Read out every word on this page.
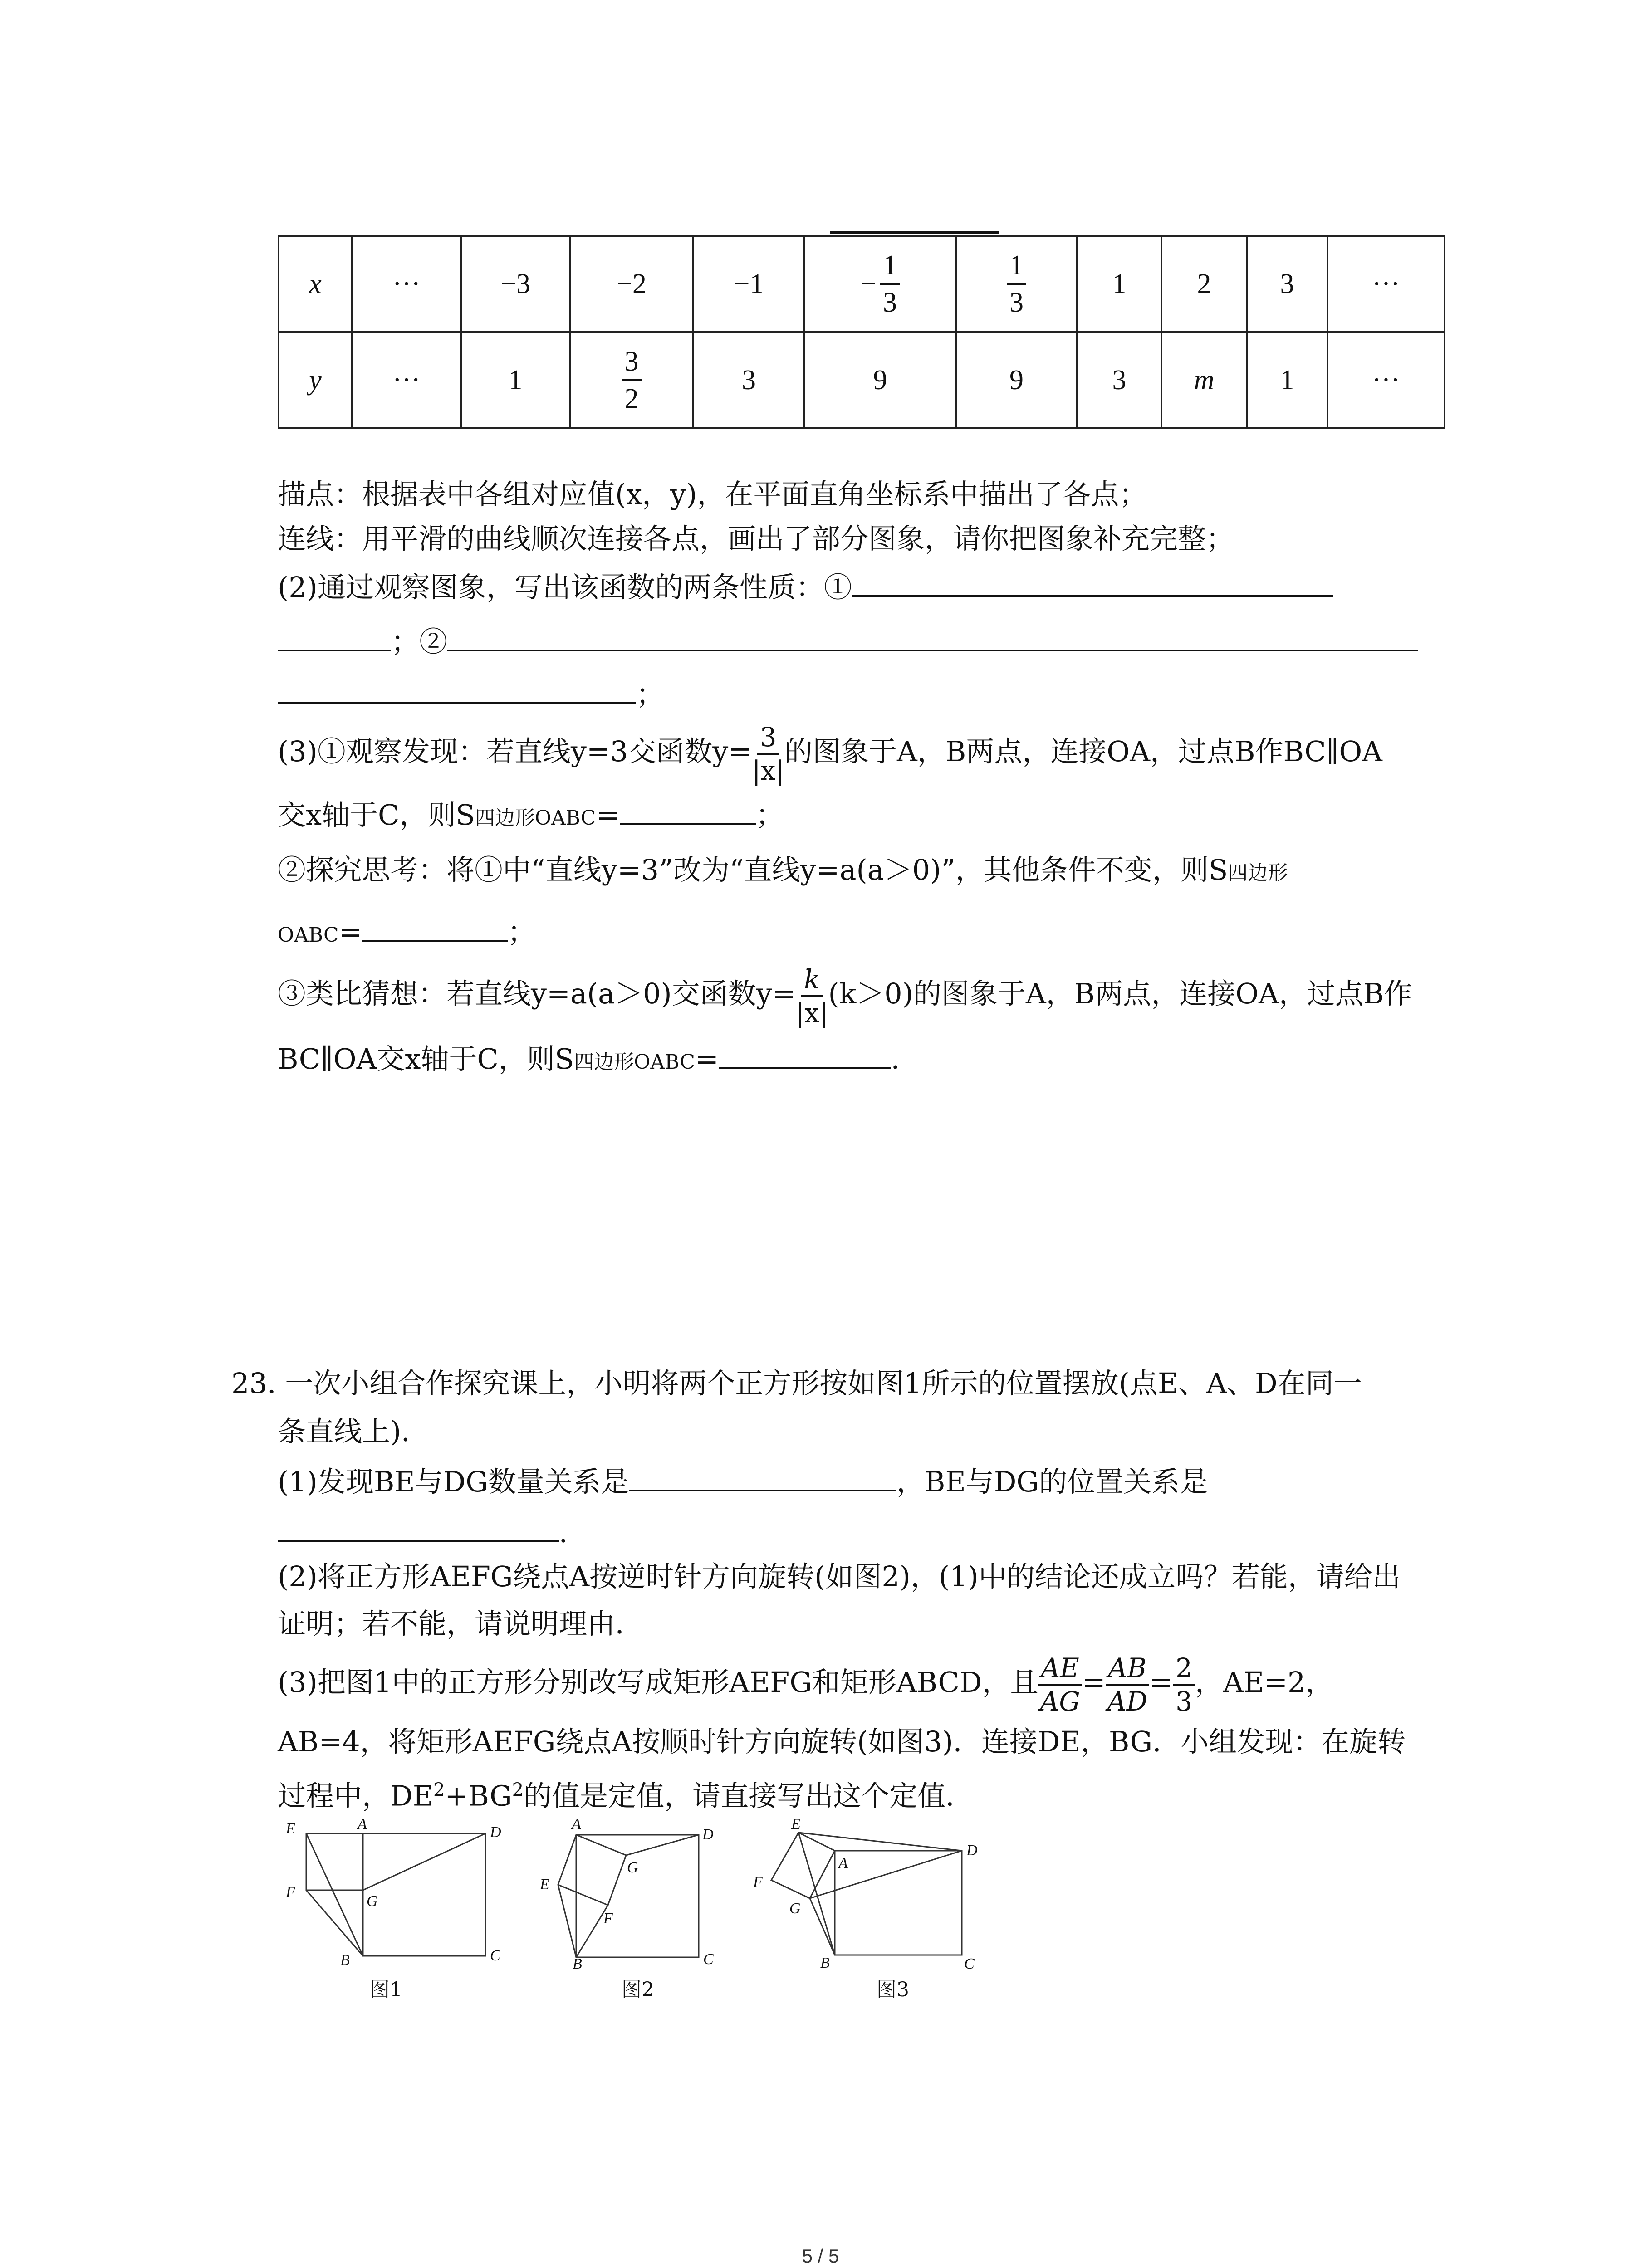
x	···	−3	−2	−1	− $\frac{1}{3}$	$\frac{1}{3}$	1	2	3	···
y	···	1	$\frac{3}{2}$	3	9	9	3	m	1	···
描点：根据表中各组对应值(x，y)，在平面直角坐标系中描出了各点；
连线：用平滑的曲线顺次连接各点，画出了部分图象，请你把图象补充完整；
(2)通过观察图象，写出该函数的两条性质：①
；②
；
(3)①观察发现：若直线y=3交函数$y= \frac{3}{|x|}$ 的图象于A，B两点，连接OA，过点B作BC∥OA
交x轴于C，则S四边形OABC=	；
②探究思考：将①中“直线y=3”改为“直线y=a(a＞0)”，其他条件不变，则S四边形
OABC=	；
③类比猜想：若直线y=a(a＞0)交函数$y= \frac{k}{|x|} (k>0)$的图象于A，B两点，连接OA，过点B作
BC∥OA交x轴于C，则S四边形OABC=	．
23. 一次小组合作探究课上，小明将两个正方形按如图1所示的位置摆放(点E、A、D在同一
条直线上)．
(1)发现BE与DG数量关系是	，BE与DG的位置关系是
．
(2)将正方形AEFG绕点A按逆时针方向旋转(如图2)，(1)中的结论还成立吗？若能，请给出
证明；若不能，请说明理由．
(3)把图1中的正方形分别改写成矩形AEFG和矩形ABCD，且 $\frac{AE}{AG} = \frac{AB}{AD} = \frac{2}{3}$ ，AE=2，
AB=4，将矩形AEFG绕点A按顺时针方向旋转(如图3)．连接DE，BG．小组发现：在旋转
过程中，$DE^2+BG^2$的值是定值，请直接写出这个定值．
E	A	D
F
G
B	C
图1
A
D
G
E
F
B	C
图2
E
D
A
F
G
B	C
图3
5 / 5
